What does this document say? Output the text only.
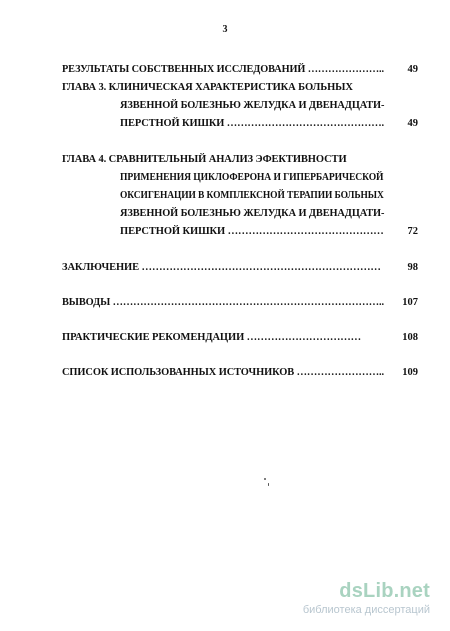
3
РЕЗУЛЬТАТЫ СОБСТВЕННЫХ ИССЛЕДОВАНИЙ …………………..	49
ГЛАВА 3. КЛИНИЧЕСКАЯ ХАРАКТЕРИСТИКА БОЛЬНЫХ
ЯЗВЕННОЙ БОЛЕЗНЬЮ ЖЕЛУДКА И ДВЕНАДЦАТИ-
ПЕРСТНОЙ КИШКИ ……………………………………….	49
ГЛАВА 4. СРАВНИТЕЛЬНЫЙ АНАЛИЗ ЭФЕКТИВНОСТИ
ПРИМЕНЕНИЯ ЦИКЛОФЕРОНА И ГИПЕРБАРИЧЕСКОЙ
ОКСИГЕНАЦИИ В КОМПЛЕКСНОЙ ТЕРАПИИ БОЛЬНЫХ
ЯЗВЕННОЙ БОЛЕЗНЬЮ ЖЕЛУДКА И ДВЕНАДЦАТИ-
ПЕРСТНОЙ КИШКИ ………………………………………	72
ЗАКЛЮЧЕНИЕ ……………………………………………………………	98
ВЫВОДЫ ……………………………………………………………………..	107
ПРАКТИЧЕСКИЕ РЕКОМЕНДАЦИИ ……………………………	108
СПИСОК ИСПОЛЬЗОВАННЫХ ИСТОЧНИКОВ ……………………..	109
dsLib.net
библиотека диссертаций
